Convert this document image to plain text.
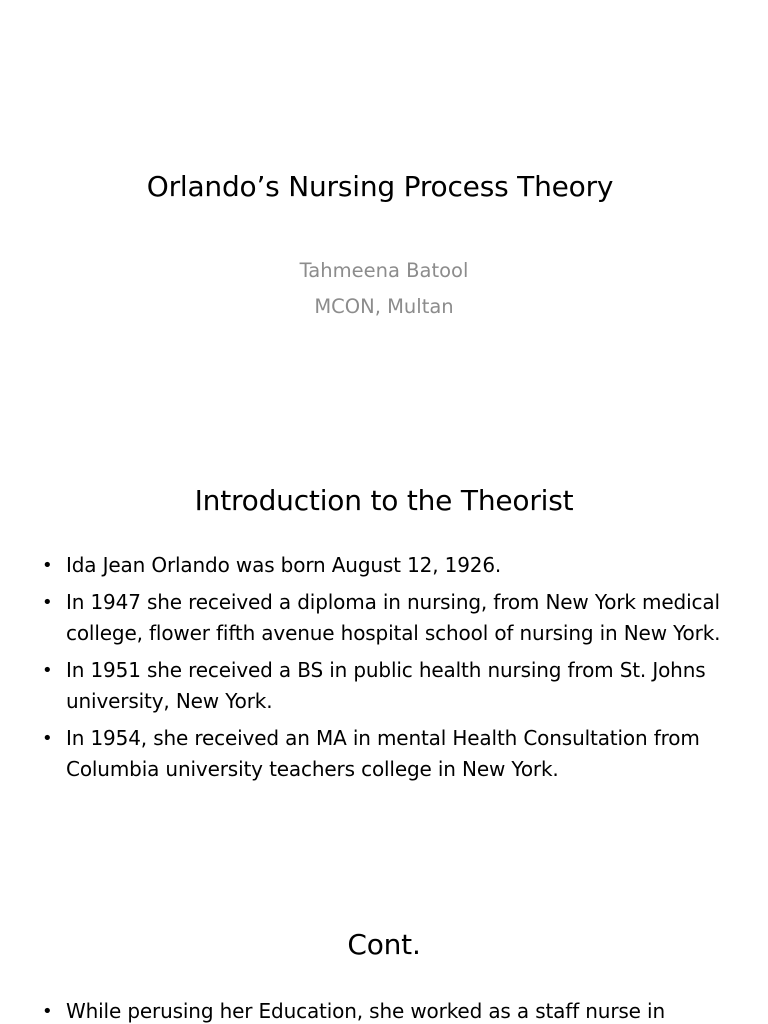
Orlando’s Nursing Process Theory
Tahmeena Batool
MCON, Multan
Introduction to the Theorist
• Ida Jean Orlando was born August 12, 1926.
• In 1947 she received a diploma in nursing, from New York medical college, flower fifth avenue hospital school of nursing in New York.
• In 1951 she received a BS in public health nursing from St. Johns university, New York.
• In 1954, she received an MA in mental Health Consultation from Columbia university teachers college in New York.
Cont.
• While perusing her Education, she worked as a staff nurse in
